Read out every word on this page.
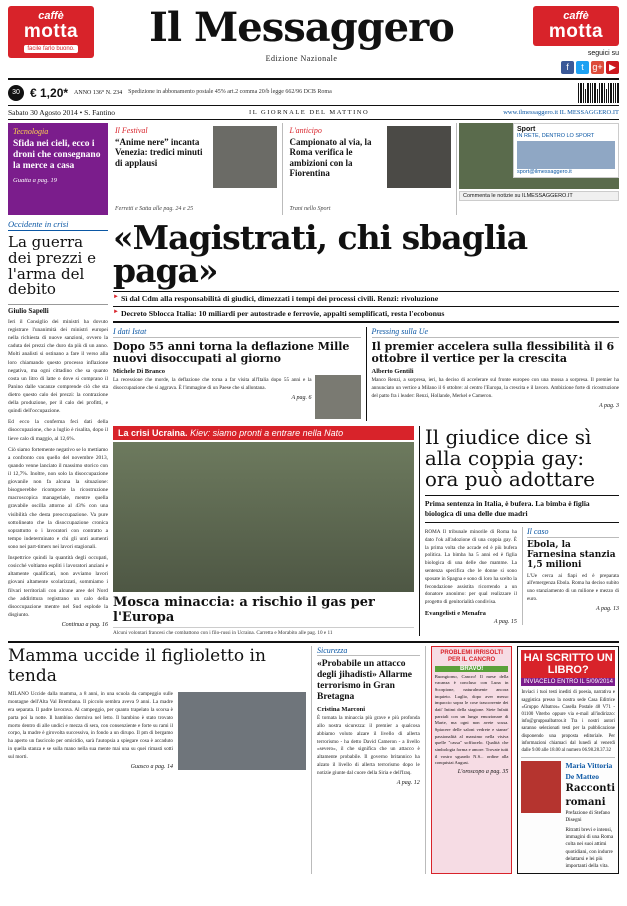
caffè
motta
facile farlo buono.	Il Messaggero
Edizione Nazionale
caffè
motta
seguici su
f	t g+ ▶
30 € 1,20* ANNO 136° N. 234 Spedizione in abbonamento postale 45% art.2 comma 20/b legge 662/96 DCB Roma
Sabato 30 Agosto 2014 • S. Fantino	IL GIORNALE DEL MATTINO	www.ilmessaggero.it IL MESSAGGERO.IT
Tecnologia
Sfida nei cieli, ecco i droni che consegnano la merce a casa
Guatta a pag. 19
Il Festival
“Anime nere” incanta Venezia: tredici minuti di applausi
Ferretti e Satta alle pag. 24 e 25
L'anticipo
Campionato al via, la Roma verifica le ambizioni con la Fiorentina
Trani nello Sport
Sport
IN RETE, DENTRO LO SPORT
sport@ilmessaggero.it
Commenta le notizie su ILMESSAGGERO.IT
Occidente in crisi
La guerra dei prezzi e l'arma del debito
Giulio Sapelli
Ieri il Consiglio dei ministri ha dovuto registrare l'unanimità dei ministri europei nella richiesta di nuove sanzioni, ovvero la caduta dei prezzi che duro da più di un anno. Molti analisti si ostinano a fare il verso alla loro chiamando questo processo inflazione negativa, ma ogni cittadino che sa quanto costa un litro di latte o dove si comprano il Panino dalle vacanze comprende ciò che sta dietro questo calo dei prezzi: la contrazione della produzione, per il calo dei profitti, e quindi dell'occupazione.
Ed ecco la conferma feci dati della disoccupazione, che a luglio è risalita, dopo il lieve calo di maggio, al 12,6%.
Ciò siamo fortemente negativo se lo mettiamo a confronto con quello del novembre 2013, quando venne lanciato il massimo storico con il 12,7%. Inoltre, non solo la disoccupazione giovanile non fa alcuna la situazione: bisognerebbe ricomporre la ricostruzione macroscopica manageriale, mentre quella gravabile oscilla attorno al 43% con una visibilità che desta preoccupazione. Va pure sottolineato che la disoccupazione cronica soprattutto o i lavoratori con contratto a tempo indeterminato e chi gli unti aumenti sono nei part-timers nei lavori stagionali.
Inspettrice quindi la quantità degli occupati, cosicché voltiamo espliti i lavoratori anziani e altamente qualificati, non avviamo lavori giovani altamente scolarizzati, sommiamo i filvari territoriali con alcune aree del Nord che addirittura registrano un calo della disoccupazione mentre nel Sud esplode la disgiunto.
Continua a pag. 16
«Magistrati, chi sbaglia paga»
► Sì dal Cdm alla responsabilità di giudici, dimezzati i tempi dei processi civili. Renzi: rivoluzione
► Decreto Sblocca Italia: 10 miliardi per autostrade e ferrovie, appalti semplificati, resta l'ecobonus
I dati Istat
Dopo 55 anni torna la deflazione Mille nuovi disoccupati al giorno
Michele Di Branco
La recessione che morde, la deflazione che torna a far visita all'Italia dopo 55 anni e la disoccupazione che si aggrava. È l'immagine di un Paese che si allontana.
A pag. 6
Pressing sulla Ue
Il premier accelera sulla flessibilità il 6 ottobre il vertice per la crescita
Alberto Gentili
Manco Renzi, a sorpresa, ieri, ha deciso di accelerare sul fronte europeo con una mossa a sorpresa. Il premier ha annunciato un vertice a Milano il 6 ottobre: al centro l'Europa, la crescita e il lavoro. Ambizione forte di ricostruzione del patto fra i leader: Renzi, Hollande, Merkel e Cameron.
A pag. 3
La crisi Ucraina. Kiev: siamo pronti a entrare nella Nato
Mosca minaccia: a rischio il gas per l'Europa
Alcuni volontari francesi che combattono con i filo-russi in Ucraina. Carretta e Morabito alle pag. 10 e 11
Il giudice dice sì alla coppia gay: ora può adottare
Prima sentenza in Italia, è bufera. La bimba è figlia biologica di una delle due madri
ROMA Il tribunale minorile di Roma ha dato l'ok all'adozione di una coppia gay. È la prima volta che accade ed è più bufera politica. La bimba ha 5 anni ed è figlia biologica di una delle due mamme. La sentenza specifica che le donne si sono sposate in Spagna e sono di loro ha scelto la fecondazione assistita ricorrendo a un donatore anonimo: per qual realizzare il progetto di genitorialità condivisa.
Evangelisti e Menafra
A pag. 15
Il caso
Ebola, la Farnesina stanzia 1,5 milioni
L'Ue cerca ai fiapi ed è preparata all'emergenza Ebola. Roma ha deciso subito uno stanziamento di un milione e mezzo di euro.
A pag. 13
Mamma uccide il figlioletto in tenda
MILANO Uccide dalla mamma, a 8 anni, in una scuola da campeggio sulle montagne dell'Alta Val Brembana. Il piccolo sembra aveva 9 anni. La madre era separata. Il padre lavorava. Al campeggio, per quanto trapelato la scorsa è parta poi la notte. Il bambino dormiva nel letto. Il bambino è stato trovato morto dentro di alle undici e mezza di sera, con consenziente e forte su rami il corpo, la madre è girovolta successiva, in fondo a un dirupo. Il pm di bergamo ha aperto un fascicolo per omicidio, sarà l'autopsia a spiegare cosa è accaduto in quella stanza e se sulla mano nella sua mente mai una su quei rimasti sotti sul morti.
Guasco a pag. 14
Sicurezza
«Probabile un attacco degli jihadisti» Allarme terrorismo in Gran Bretagna
Cristina Marconi
È tornata la minaccia più grave e più profonda allo nostra sicurezza: il premier a qualcosa abbiamo voluto alzare il livello di allerta terrorismo - ha detto David Cameron - a livello «severo», il che significa che un attacco è altamente probabile. Il governo britannico ha alzato il livello di allerta terrorismo dopo le notizie giunte dal cuore della Siria e dell'Iraq.
A pag. 12
PROBLEMI IRRISOLTI PER IL CANCRO
BRAVO!
Buongiorno, Cancro! Il mese della vacanza è concluso con Luna in Scorpione, naturalmente ancora inquieto. Luglio, dopo aver messo impaccio sopra le cose trascorrente dei dati' Intimi della stagione. Siete Infatti parziali con un lungo emozionare di Marte, ma ogni non avete scusa. Spiacere delle saloni vedrete e stanze' passionalità al massimo nella visiva quelle "cassa" soffiacelo. Qualità che simbologia forma e amore. Trovate tutti il vostro sguardo N.S... ordine alla conquistai August.
L'oroscopo a pag. 35
HAI SCRITTO UN LIBRO?
INVIACELO ENTRO IL 5/09/2014
Inviaci i tuoi testi inediti di poesia, narrativa e saggistica presso la nostra sede Casa Editrice «Gruppo Albatros» Casella Postale 48 V71 - 01100 Viterbo oppure via e-mail all'indirizzo: info@gruppoalbatros.it Tra i nostri autori saranno selezionati testi per la pubblicazione disponendo una proposta editoriale. Per informazioni chiamaci dal lunedì al venerdì dalle 9.00 alle 18.00 al numero 06.98.28.37.32
Maria Vittoria De Matteo
Racconti romani
Prefazione di Stefano Disegni
Ritratti brevi e intensi, immagini di una Roma colta nei suoi attimi quotidiani, con indurre delattarsi e lei più importanti della vita.
